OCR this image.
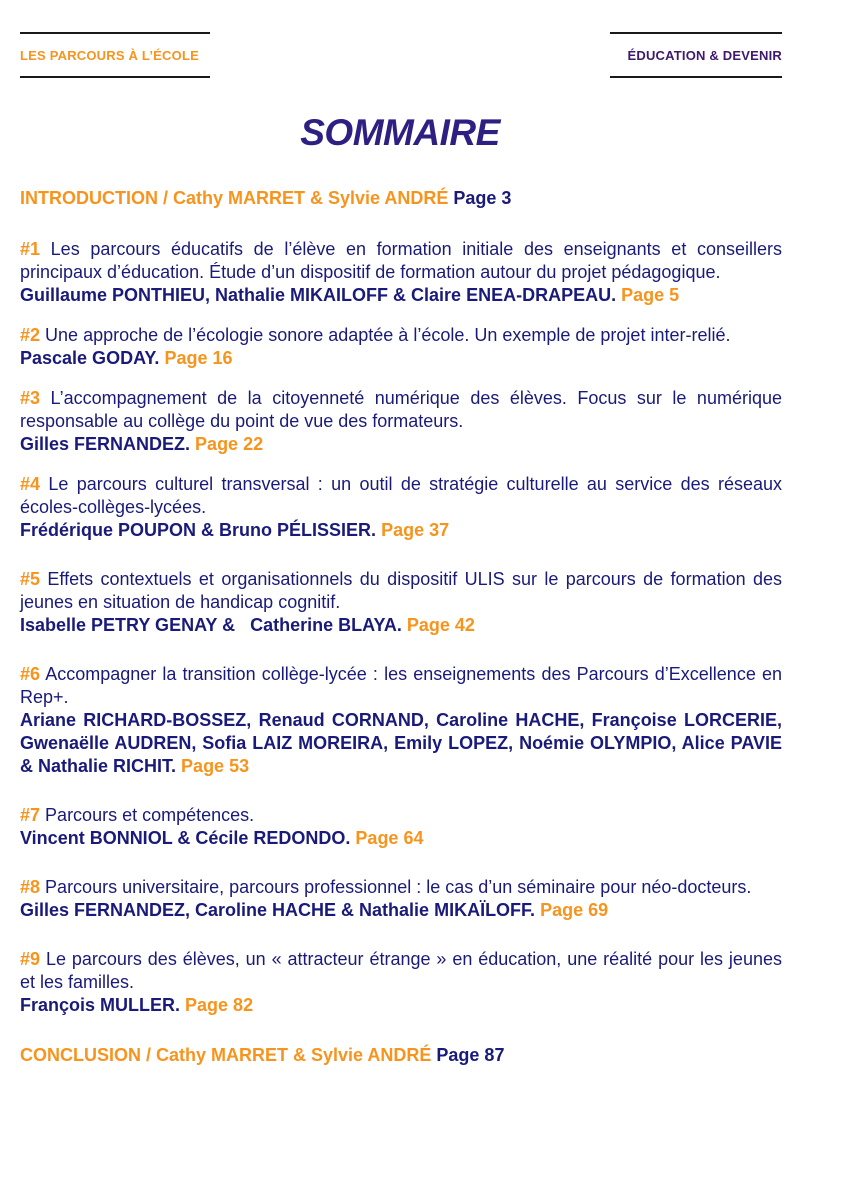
LES PARCOURS À L’ÉCOLE	ÉDUCATION & DEVENIR
SOMMAIRE
INTRODUCTION / Cathy MARRET & Sylvie ANDRÉ Page 3

#1 Les parcours éducatifs de l’élève en formation initiale des enseignants et conseillers principaux d’éducation. Étude d’un dispositif de formation autour du projet pédagogique.

Guillaume PONTHIEU, Nathalie MIKAILOFF & Claire ENEA-DRAPEAU. Page 5

#2 Une approche de l’écologie sonore adaptée à l’école. Un exemple de projet inter-relié.

Pascale GODAY. Page 16

#3 L’accompagnement de la citoyenneté numérique des élèves. Focus sur le numérique responsable au collège du point de vue des formateurs.

Gilles FERNANDEZ. Page 22

#4 Le parcours culturel transversal : un outil de stratégie culturelle au service des réseaux écoles-collèges-lycées.

Frédérique POUPON & Bruno PÉLISSIER. Page 37

#5 Effets contextuels et organisationnels du dispositif ULIS sur le parcours de formation des jeunes en situation de handicap cognitif.

Isabelle PETRY GENAY &   Catherine BLAYA. Page 42

#6 Accompagner la transition collège-lycée : les enseignements des Parcours d’Excellence en Rep+.

Ariane RICHARD-BOSSEZ, Renaud CORNAND, Caroline HACHE, Françoise LORCERIE, Gwenaëlle AUDREN, Sofia LAIZ MOREIRA, Emily LOPEZ, Noémie OLYMPIO, Alice PAVIE & Nathalie RICHIT. Page 53

#7 Parcours et compétences.

Vincent BONNIOL & Cécile REDONDO. Page 64

#8 Parcours universitaire, parcours professionnel : le cas d’un séminaire pour néo-docteurs.

Gilles FERNANDEZ, Caroline HACHE & Nathalie MIKAÏLOFF. Page 69

#9 Le parcours des élèves, un « attracteur étrange » en éducation, une réalité pour les jeunes et les familles.

François MULLER. Page 82
CONCLUSION / Cathy MARRET & Sylvie ANDRÉ Page 87
